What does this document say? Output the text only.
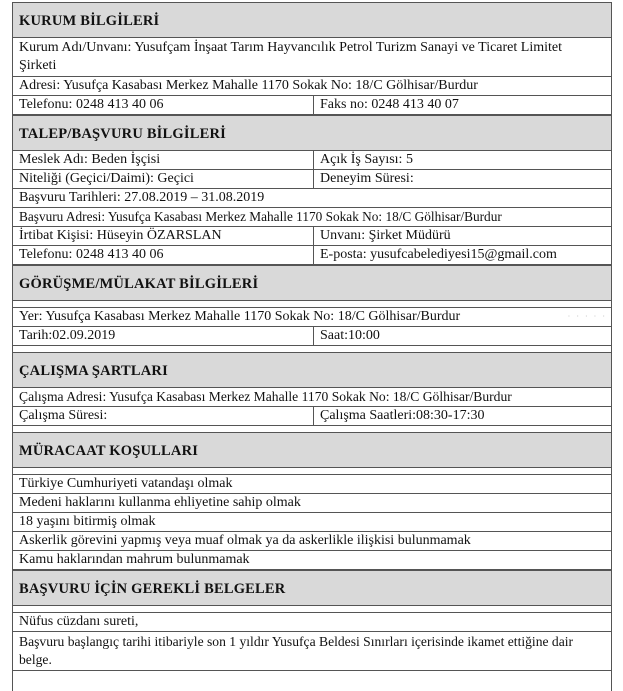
KURUM BİLGİLERİ
Kurum Adı/Unvanı: Yusufçam İnşaat Tarım Hayvancılık Petrol Turizm Sanayi ve Ticaret Limitet Şirketi
Adresi: Yusufça Kasabası Merkez Mahalle 1170 Sokak No: 18/C Gölhisar/Burdur
Telefonu: 0248 413 40 06	Faks no: 0248 413 40 07
TALEP/BAŞVURU BİLGİLERİ
Meslek Adı: Beden İşçisi	Açık İş Sayısı: 5
Niteliği (Geçici/Daimi): Geçici	Deneyim Süresi:
Başvuru Tarihleri: 27.08.2019 – 31.08.2019
Başvuru Adresi: Yusufça Kasabası Merkez Mahalle 1170 Sokak No: 18/C Gölhisar/Burdur
İrtibat Kişisi: Hüseyin ÖZARSLAN	Unvanı: Şirket Müdürü
Telefonu: 0248 413 40 06	E-posta: yusufcabelediyesi15@gmail.com
GÖRÜŞME/MÜLAKAT BİLGİLERİ
Yer: Yusufça Kasabası Merkez Mahalle 1170 Sokak No: 18/C Gölhisar/Burdur	· · · · ·
Tarih:02.09.2019	Saat:10:00
ÇALIŞMA ŞARTLARI
Çalışma Adresi: Yusufça Kasabası Merkez Mahalle 1170 Sokak No: 18/C Gölhisar/Burdur
Çalışma Süresi:	Çalışma Saatleri:08:30-17:30
MÜRACAAT KOŞULLARI
Türkiye Cumhuriyeti vatandaşı olmak
Medeni haklarını kullanma ehliyetine sahip olmak
18 yaşını bitirmiş olmak
Askerlik görevini yapmış veya muaf olmak ya da askerlikle ilişkisi bulunmamak
Kamu haklarından mahrum bulunmamak
BAŞVURU İÇİN GEREKLİ BELGELER
Nüfus cüzdanı sureti,
Başvuru başlangıç tarihi itibariyle son 1 yıldır Yusufça Beldesi Sınırları içerisinde ikamet ettiğine dair belge.
